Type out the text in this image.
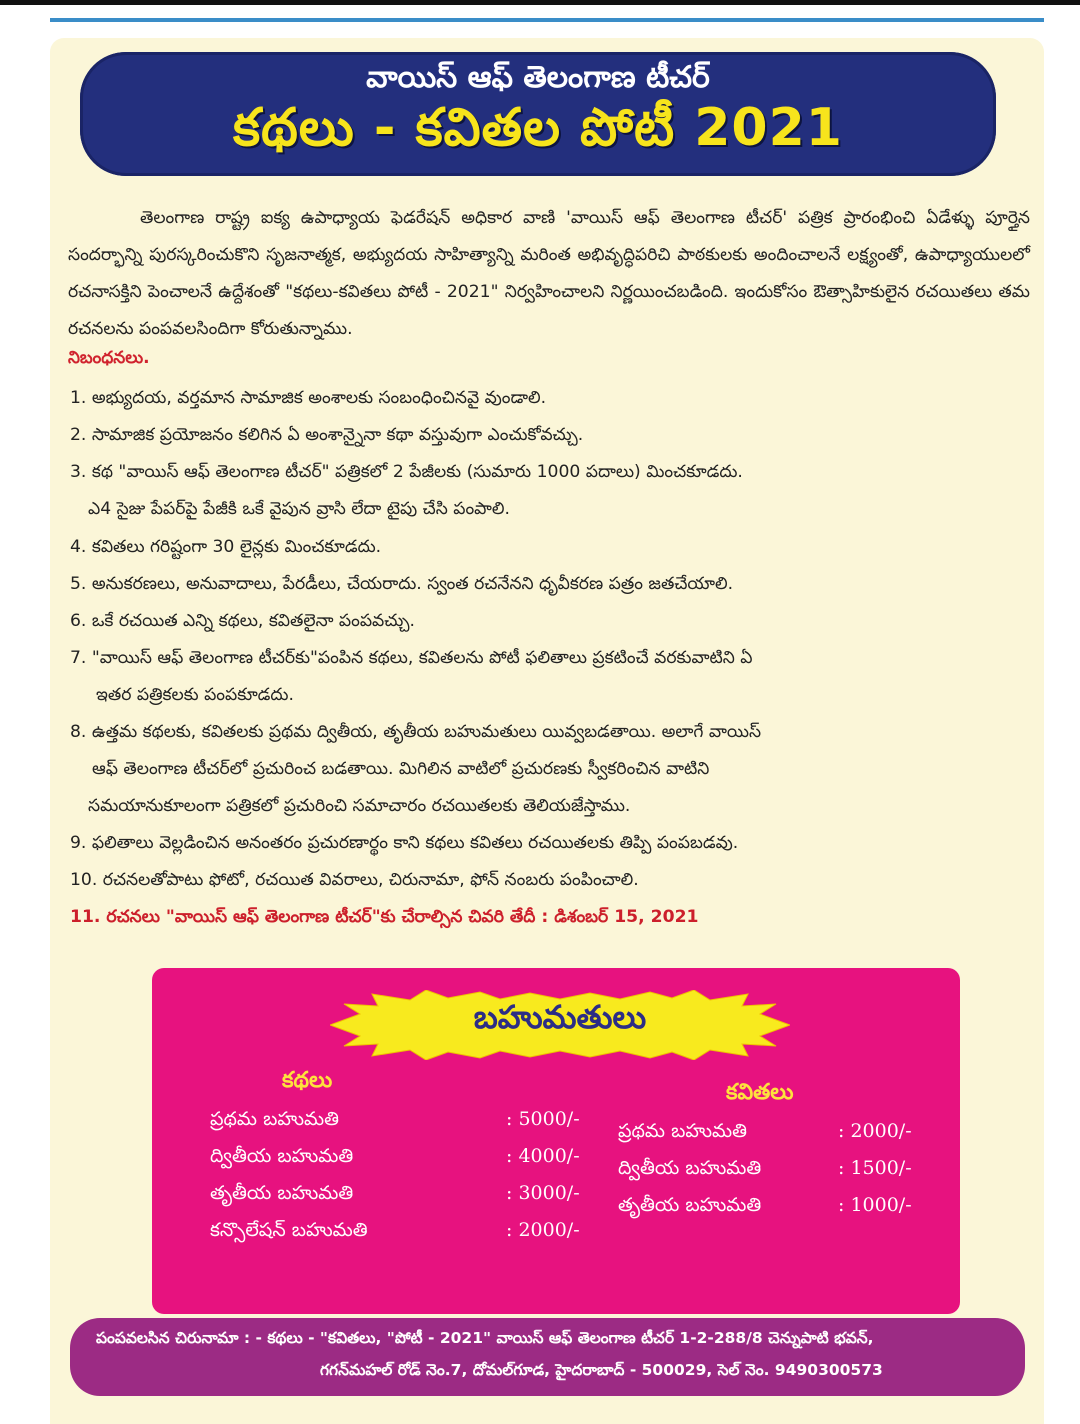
వాయిస్ ఆఫ్ తెలంగాణ టీచర్
కథలు - కవితల పోటీ 2021
తెలంగాణ రాష్ట్ర ఐక్య ఉపాధ్యాయ ఫెడరేషన్ అధికార వాణి 'వాయిస్ ఆఫ్ తెలంగాణ టీచర్' పత్రిక ప్రారంభించి ఏడేళ్ళు పూర్తైన సందర్భాన్ని పురస్కరించుకొని సృజనాత్మక, అభ్యుదయ సాహిత్యాన్ని మరింత అభివృద్ధిపరిచి పాఠకులకు అందించాలనే లక్ష్యంతో, ఉపాధ్యాయులలో రచనాసక్తిని పెంచాలనే ఉద్దేశంతో "కథలు-కవితలు పోటీ - 2021" నిర్వహించాలని నిర్ణయించబడింది. ఇందుకోసం ఔత్సాహికులైన రచయితలు తమ రచనలను పంపవలసిందిగా కోరుతున్నాము.
నిబంధనలు.
1. అభ్యుదయ, వర్తమాన సామాజిక అంశాలకు సంబంధించినవై వుండాలి.
2. సామాజిక ప్రయోజనం కలిగిన ఏ అంశాన్నైనా కథా వస్తువుగా ఎంచుకోవచ్చు.
3. కథ "వాయిస్ ఆఫ్ తెలంగాణ టీచర్" పత్రికలో 2 పేజీలకు (సుమారు 1000 పదాలు) మించకూడదు.
ఎ4 సైజు పేపర్‌పై పేజీకి ఒకే వైపున వ్రాసి లేదా టైపు చేసి పంపాలి.
4. కవితలు గరిష్టంగా 30 లైన్లకు మించకూడదు.
5. అనుకరణలు, అనువాదాలు, పేరడీలు, చేయరాదు. స్వంత రచనేనని ధృవీకరణ పత్రం జతచేయాలి.
6. ఒకే రచయిత ఎన్ని కథలు, కవితలైనా పంపవచ్చు.
7. "వాయిస్ ఆఫ్ తెలంగాణ టీచర్‌కు"పంపిన కథలు, కవితలను పోటీ ఫలితాలు ప్రకటించే వరకువాటిని ఏ
ఇతర పత్రికలకు పంపకూడదు.
8. ఉత్తమ కథలకు, కవితలకు ప్రథమ ద్వితీయ, తృతీయ బహుమతులు యివ్వబడతాయి. అలాగే వాయిస్
ఆఫ్ తెలంగాణ టీచర్‌లో ప్రచురించ బడతాయి. మిగిలిన వాటిలో ప్రచురణకు స్వీకరించిన వాటిని
సమయానుకూలంగా పత్రికలో ప్రచురించి సమాచారం రచయితలకు తెలియజేస్తాము.
9. ఫలితాలు వెల్లడించిన అనంతరం ప్రచురణార్థం కాని కథలు కవితలు రచయితలకు తిప్పి పంపబడవు.
10. రచనలతోపాటు ఫోటో, రచయిత వివరాలు, చిరునామా, ఫోన్ నంబరు పంపించాలి.
11. రచనలు "వాయిస్ ఆఫ్ తెలంగాణ టీచర్"కు చేరాల్సిన చివరి తేదీ : డిశంబర్ 15, 2021
బహుమతులు
కథలు
ప్రథమ బహుమతి	: 5000/-
ద్వితీయ బహుమతి	: 4000/-
తృతీయ బహుమతి	: 3000/-
కన్సొలేషన్ బహుమతి	: 2000/-
కవితలు
ప్రథమ బహుమతి	: 2000/-
ద్వితీయ బహుమతి	: 1500/-
తృతీయ బహుమతి	: 1000/-
పంపవలసిన చిరునామా : - కథలు - "కవితలు, "పోటీ - 2021" వాయిస్ ఆఫ్ తెలంగాణ టీచర్ 1-2-288/8 చెన్నుపాటి భవన్,
గగన్‌మహల్ రోడ్ నెం.7, దోమల్‌గూడ, హైదరాబాద్ - 500029, సెల్ నెం. 9490300573
